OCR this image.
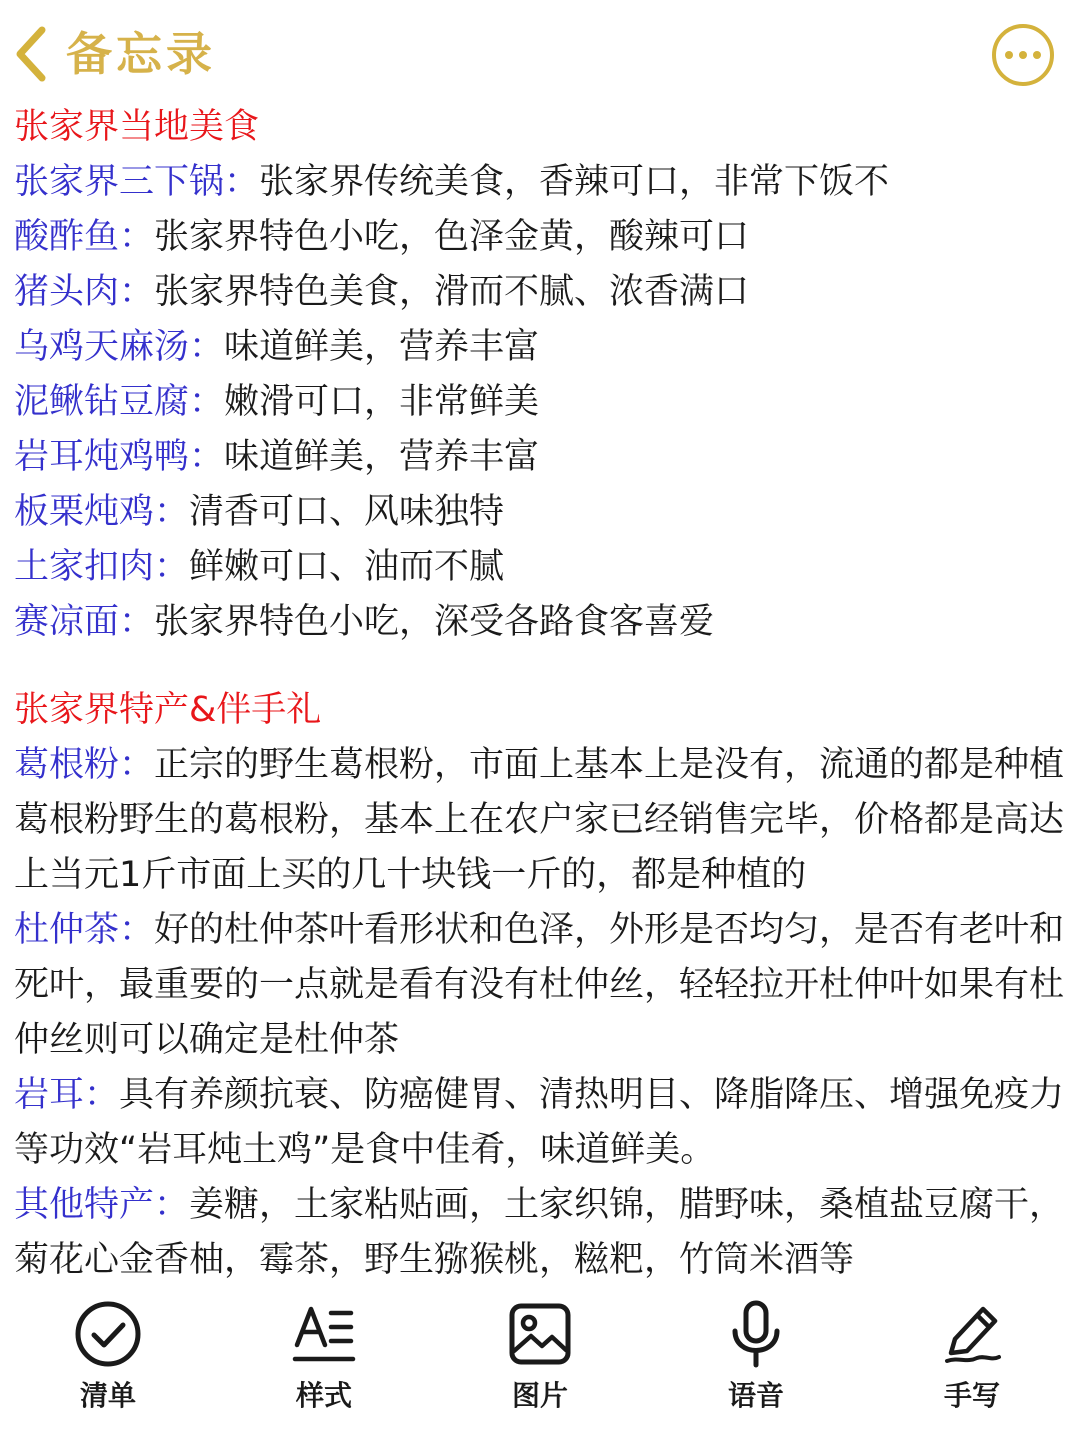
备忘录
张家界当地美食
张家界三下锅：张家界传统美食，香辣可口，非常下饭不
酸酢鱼：张家界特色小吃，色泽金黄，酸辣可口
猪头肉：张家界特色美食，滑而不腻、浓香满口
乌鸡天麻汤：味道鲜美，营养丰富
泥鳅钻豆腐：嫩滑可口，非常鲜美
岩耳炖鸡鸭：味道鲜美，营养丰富
板栗炖鸡：清香可口、风味独特
土家扣肉：鲜嫩可口、油而不腻
赛凉面：张家界特色小吃，深受各路食客喜爱
张家界特产&伴手礼

葛根粉：正宗的野生葛根粉，市面上基本上是没有，流通的都是种植葛根粉野生的葛根粉，基本上在农户家已经销售完毕，价格都是高达上当元1斤市面上买的几十块钱一斤的，都是种植的

杜仲茶：好的杜仲茶叶看形状和色泽，外形是否均匀，是否有老叶和死叶，最重要的一点就是看有没有杜仲丝，轻轻拉开杜仲叶如果有杜仲丝则可以确定是杜仲茶

岩耳：具有养颜抗衰、防癌健胃、清热明目、降脂降压、增强免疫力等功效“岩耳炖土鸡”是食中佳肴，味道鲜美。

其他特产：姜糖，土家粘贴画，土家织锦，腊野味，桑植盐豆腐干，菊花心金香柚，霉茶，野生猕猴桃，糍粑，竹筒米酒等

清单	样式	图片	语音	手写
